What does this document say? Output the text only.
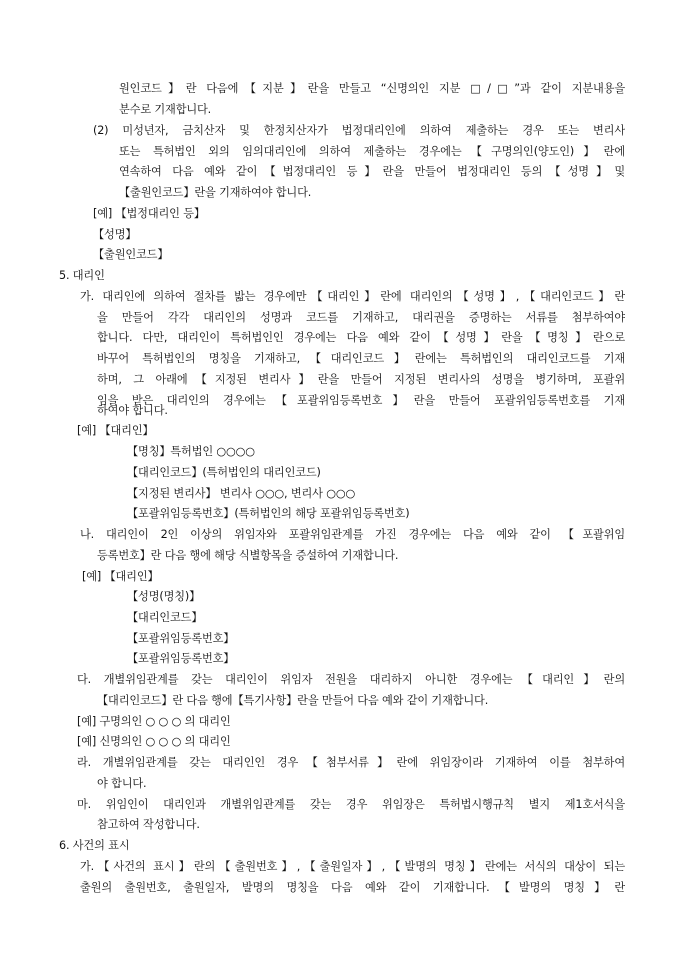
원인코드】란 다음에【지분】란을 만들고 “신명의인 지분 □/□”과 같이 지분내용을
분수로 기재합니다.
(2) 미성년자, 금치산자 및 한정치산자가 법정대리인에 의하여 제출하는 경우 또는 변리사
또는 특허법인 외의 임의대리인에 의하여 제출하는 경우에는【구명의인(양도인)】란에
연속하여 다음 예와 같이【법정대리인 등】란을 만들어 법정대리인 등의【성명】및
【출원인코드】란을 기재하여야 합니다.
[예] 【법정대리인 등】
【성명】
【출원인코드】
5. 대리인
가. 대리인에 의하여 절차를 밟는 경우에만【대리인】란에 대리인의【성명】,【대리인코드】란
을 만들어 각각 대리인의 성명과 코드를 기재하고, 대리권을 증명하는 서류를 첨부하여야
합니다. 다만, 대리인이 특허법인인 경우에는 다음 예와 같이【성명】란을【명칭】란으로
바꾸어 특허법인의 명칭을 기재하고,【대리인코드】란에는 특허법인의 대리인코드를 기재
하며, 그 아래에【지정된 변리사】란을 만들어 지정된 변리사의 성명을 병기하며, 포괄위
임을 받은 대리인의 경우에는【포괄위임등록번호】란을 만들어 포괄위임등록번호를 기재
하여야 합니다.
[예] 【대리인】
【명칭】특허법인 ○○○○
【대리인코드】(특허법인의 대리인코드)
【지정된 변리사】 변리사 ○○○, 변리사 ○○○
【포괄위임등록번호】(특허법인의 해당 포괄위임등록번호)
나. 대리인이 2인 이상의 위임자와 포괄위임관계를 가진 경우에는 다음 예와 같이 【포괄위임
등록번호】란 다음 행에 해당 식별항목을 증설하여 기재합니다.
[예] 【대리인】
【성명(명칭)】
【대리인코드】
【포괄위임등록번호】
【포괄위임등록번호】
다. 개별위임관계를 갖는 대리인이 위임자 전원을 대리하지 아니한 경우에는【대리인】란의
【대리인코드】란 다음 행에【특기사항】란을 만들어 다음 예와 같이 기재합니다.
[예] 구명의인 ○ ○ ○ 의 대리인
[예] 신명의인 ○ ○ ○ 의 대리인
라. 개별위임관계를 갖는 대리인인 경우【첨부서류】란에 위임장이라 기재하여 이를 첨부하여
야 합니다.
마. 위임인이 대리인과 개별위임관계를 갖는 경우 위임장은 특허법시행규칙 별지 제1호서식을
참고하여 작성합니다.
6. 사건의 표시
가.【사건의 표시】란의【출원번호】,【출원일자】,【발명의 명칭】란에는 서식의 대상이 되는
출원의 출원번호, 출원일자, 발명의 명칭을 다음 예와 같이 기재합니다.【발명의 명칭】란
